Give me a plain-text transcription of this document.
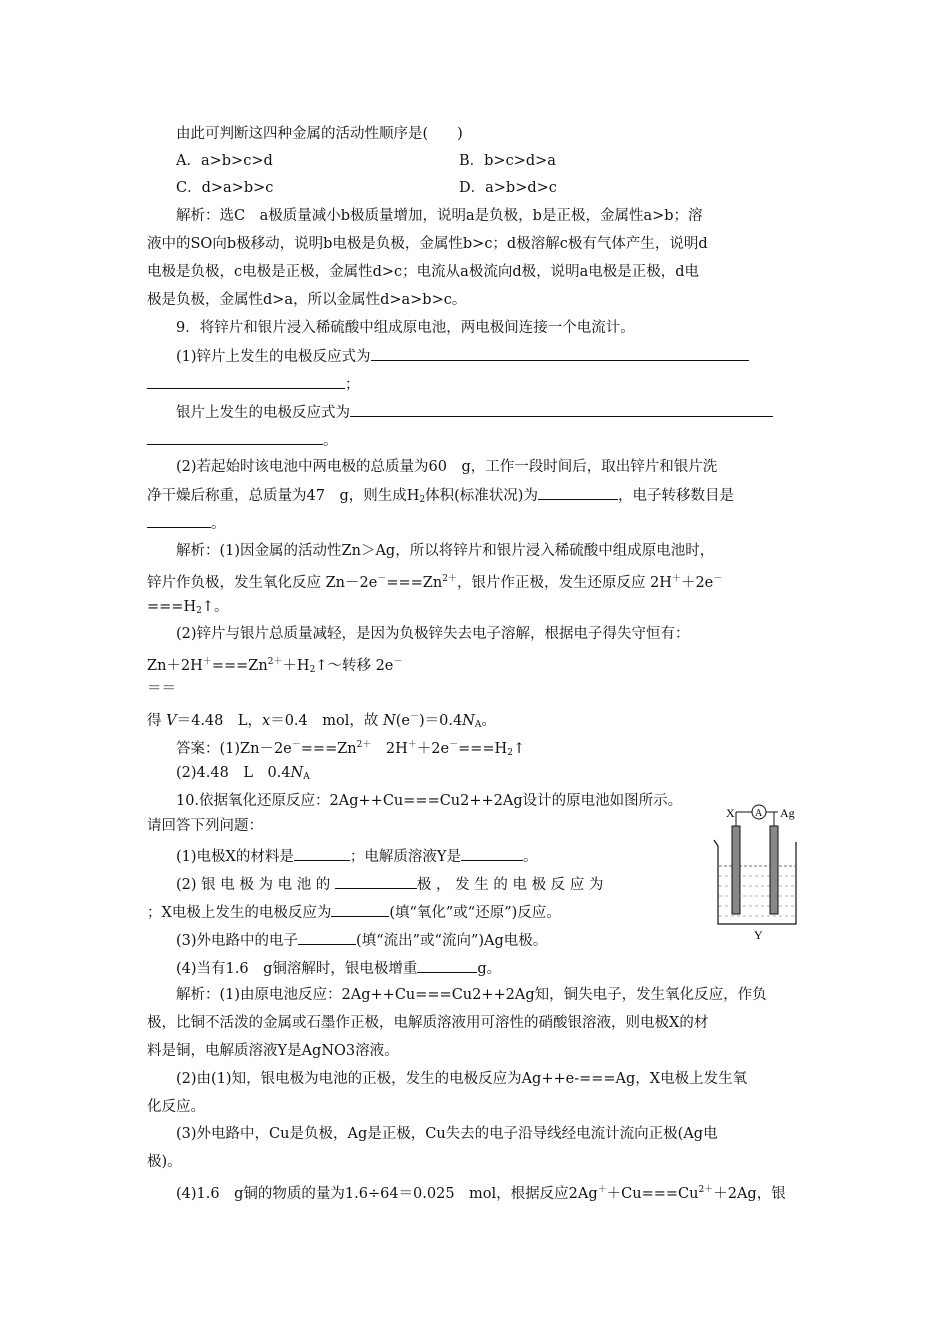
由此可判断这四种金属的活动性顺序是(　　)
A．a>b>c>d	B．b>c>d>a
C．d>a>b>c	D．a>b>d>c
解析：选C　a极质量减小b极质量增加，说明a是负极，b是正极，金属性a>b；溶
液中的SO向b极移动，说明b电极是负极，金属性b>c；d极溶解c极有气体产生，说明d
电极是负极，c电极是正极，金属性d>c；电流从a极流向d极，说明a电极是正极，d电
极是负极，金属性d>a，所以金属性d>a>b>c。
9．将锌片和银片浸入稀硫酸中组成原电池，两电极间连接一个电流计。
(1)锌片上发生的电极反应式为
；
银片上发生的电极反应式为
。
(2)若起始时该电池中两电极的总质量为60　g，工作一段时间后，取出锌片和银片洗
净干燥后称重，总质量为47　g，则生成$H_2$体积(标准状况)为	，电子转移数目是
。
解析：(1)因金属的活动性Zn＞Ag，所以将锌片和银片浸入稀硫酸中组成原电池时，
锌片作负极，发生氧化反应 $Zn-2e^-===Zn^{2+}$，银片作正极，发生还原反应 2H＋＋2e－
$===H_2↑$。
(2)锌片与银片总质量减轻，是因为负极锌失去电子溶解，根据电子得失守恒有：
$Zn+2H^+===Zn^{2+}+H_2↑\sim$转移 2e－
＝＝
得 V＝4.48　L，x＝0.4　mol，故 $N(e^-)=0.4N_A$。
答案：$(1)Zn-2e^-===Zn^{2+}$　$2H^++2e^-===H_2↑$
(2)4.48　L　$0.4N_A$
10.依据氧化还原反应：2Ag++Cu===Cu2++2Ag设计的原电池如图所示。
请回答下列问题：
(1)电极X的材料是	；电解质溶液Y是	。
(2) 银 电 极 为 电 池 的	极 ， 发 生 的 电 极 反 应 为
；X电极上发生的电极反应为	(填“氧化”或“还原”)反应。
(3)外电路中的电子	(填“流出”或“流向”)Ag电极。
(4)当有1.6　g铜溶解时，银电极增重	g。
解析：(1)由原电池反应：2Ag++Cu===Cu2++2Ag知，铜失电子，发生氧化反应，作负
极，比铜不活泼的金属或石墨作正极，电解质溶液用可溶性的硝酸银溶液，则电极X的材
料是铜，电解质溶液Y是AgNO3溶液。
(2)由(1)知，银电极为电池的正极，发生的电极反应为Ag++e-===Ag，X电极上发生氧
化反应。
(3)外电路中，Cu是负极，Ag是正极，Cu失去的电子沿导线经电流计流向正极(Ag电
极)。
(4)1.6　g铜的物质的量为1.6÷64＝0.025　mol，根据反应$2Ag^++Cu===Cu^{2+}+2Ag$，银
X A Ag
Y
